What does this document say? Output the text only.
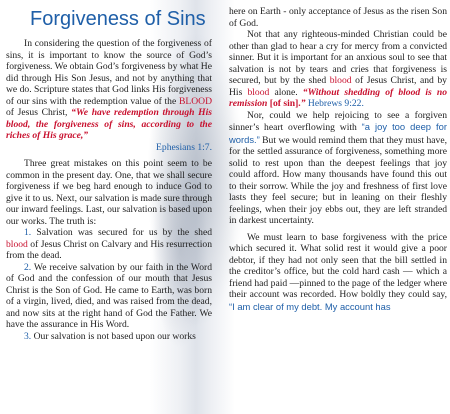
Forgiveness of Sins

In considering the question of the forgiveness of sins, it is important to know the source of God’s forgiveness. We obtain God’s forgiveness by what He did through His Son Jesus, and not by anything that we do. Scripture states that God links His forgiveness of our sins with the redemption value of the BLOOD of Jesus Christ, “We have redemption through His blood, the forgiveness of sins, according to the riches of His grace,”
Ephesians 1:7.

Three great mistakes on this point seem to be common in the present day. One, that we shall secure forgiveness if we beg hard enough to induce God to give it to us. Next, our salvation is made sure through our inward feelings. Last, our salvation is based upon our works. The truth is:

1. Salvation was secured for us by the shed blood of Jesus Christ on Calvary and His resurrection from the dead.

2. We receive salvation by our faith in the Word of God and the confession of our mouth that Jesus Christ is the Son of God. He came to Earth, was born of a virgin, lived, died, and was raised from the dead, and now sits at the right hand of God the Father. We have the assurance in His Word.

3. Our salvation is not based upon our works

here on Earth - only acceptance of Jesus as the risen Son of God.

Not that any righteous-minded Christian could be other than glad to hear a cry for mercy from a convicted sinner. But it is important for an anxious soul to see that salvation is not by tears and cries that forgiveness is secured, but by the shed blood of Jesus Christ, and by His blood alone. “Without shedding of blood is no remission [of sin].” Hebrews 9:22.

Nor, could we help rejoicing to see a forgiven sinner’s heart overflowing with “a joy too deep for words.” But we would remind them that they must have, for the settled assurance of forgiveness, something more solid to rest upon than the deepest feelings that joy could afford. How many thousands have found this out to their sorrow. While the joy and freshness of first love lasts they feel secure; but in leaning on their fleshly feelings, when their joy ebbs out, they are left stranded in darkest uncertainty.

We must learn to base forgiveness with the price which secured it. What solid rest it would give a poor debtor, if they had not only seen that the bill settled in the creditor’s office, but the cold hard cash — which a friend had paid —pinned to the page of the ledger where their account was recorded. How boldly they could say, “I am clear of my debt. My account has
